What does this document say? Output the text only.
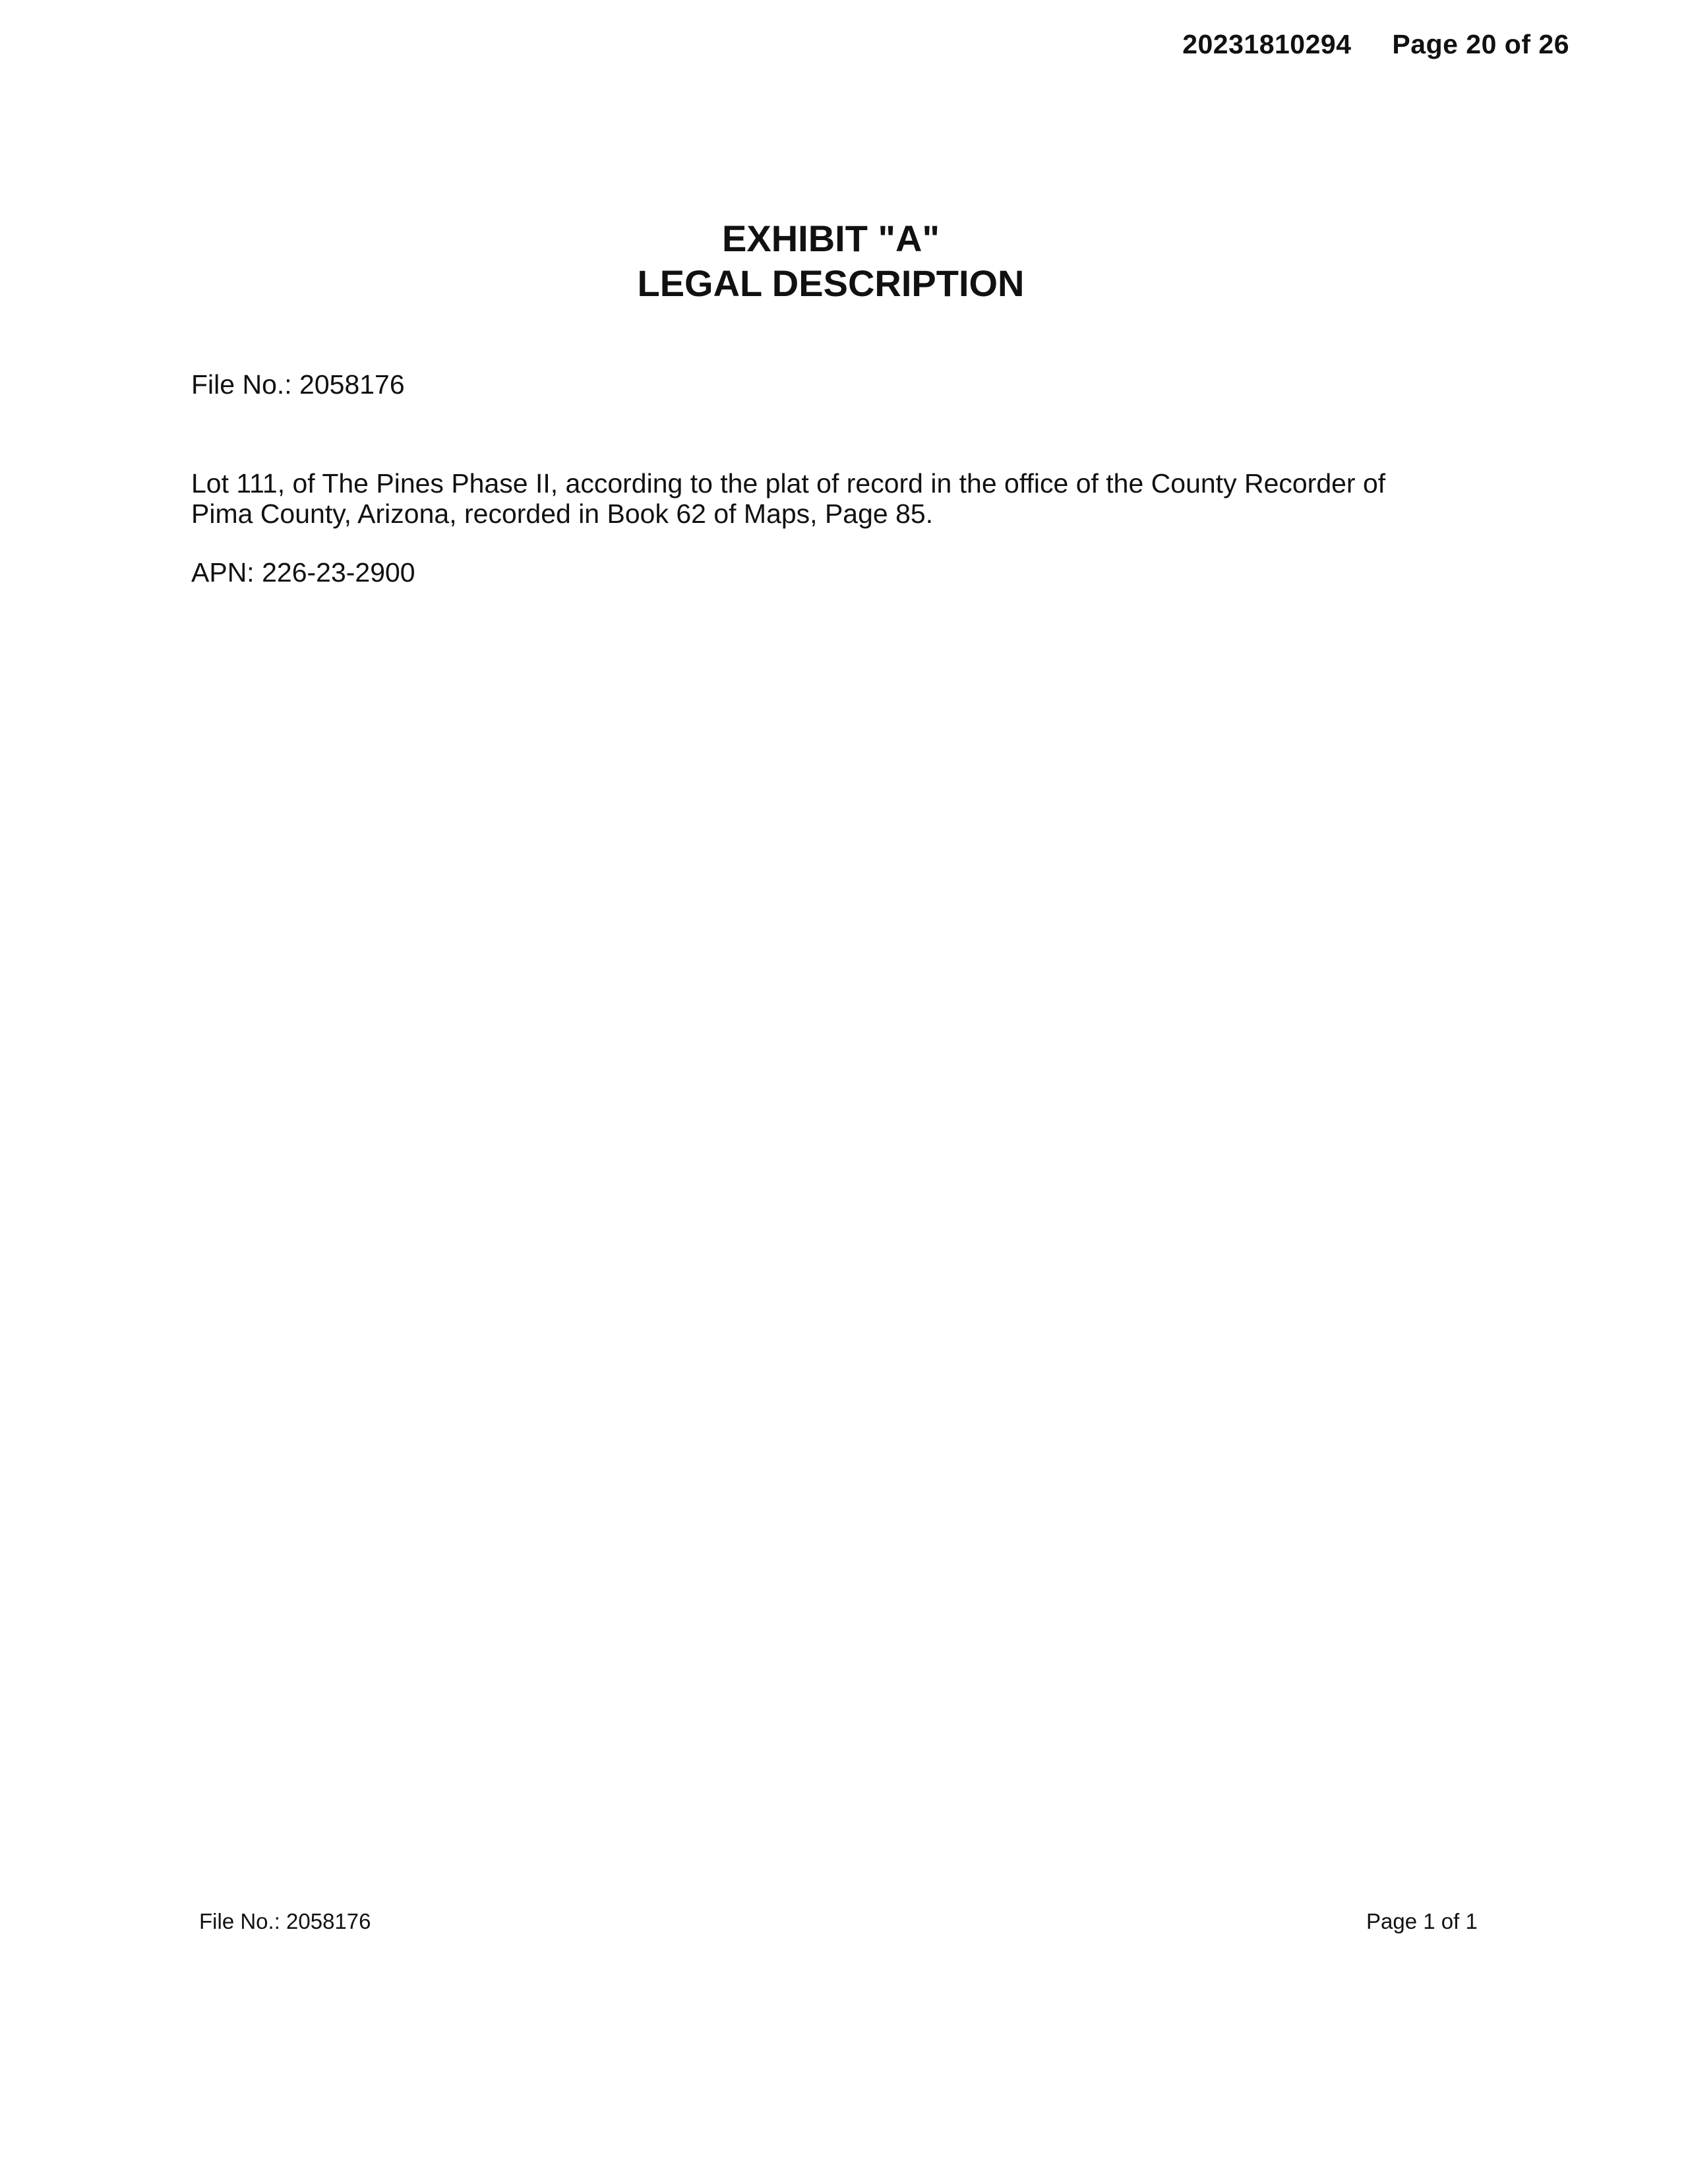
20231810294 Page 20 of 26
EXHIBIT "A"
LEGAL DESCRIPTION
File No.: 2058176
Lot 111, of The Pines Phase II, according to the plat of record in the office of the County Recorder of
Pima County, Arizona, recorded in Book 62 of Maps, Page 85.
APN: 226-23-2900
File No.: 2058176	Page 1 of 1
